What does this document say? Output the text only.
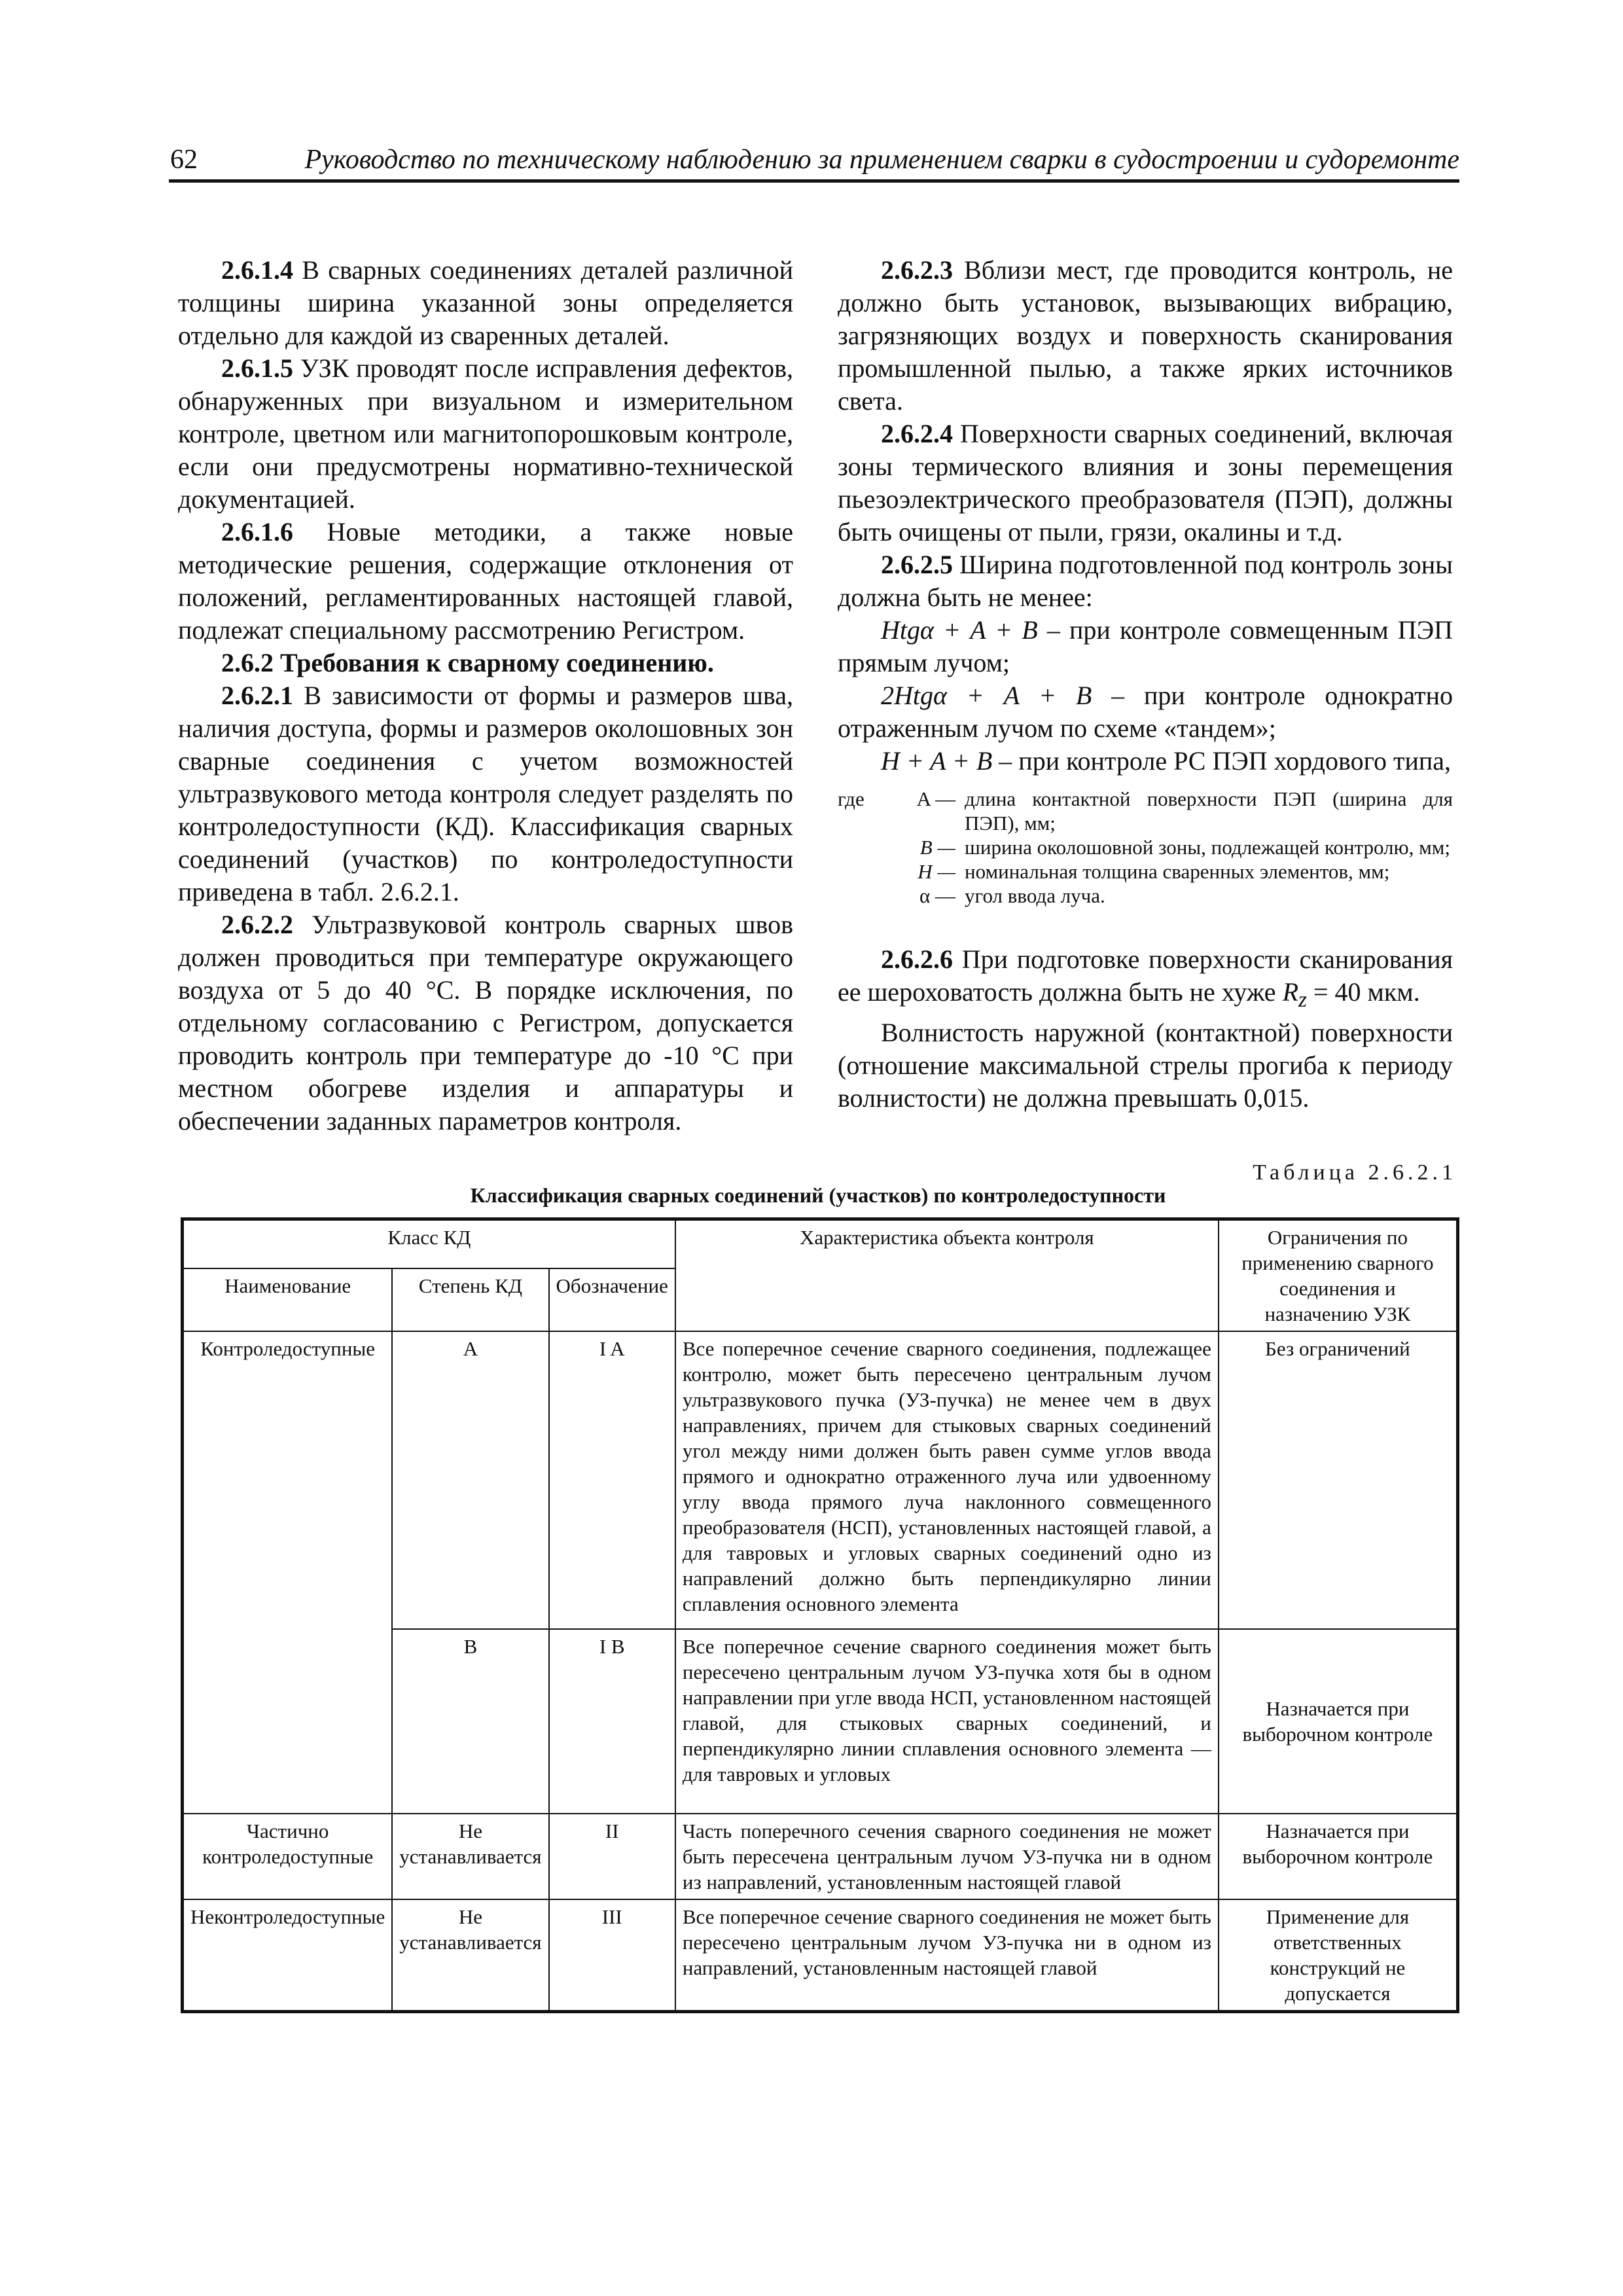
62	Руководство по техническому наблюдению за применением сварки в судостроении и судоремонте

2.6.1.4 В сварных соединениях деталей различной толщины ширина указанной зоны определяется отдельно для каждой из сваренных деталей.

2.6.1.5 УЗК проводят после исправления дефектов, обнаруженных при визуальном и измерительном контроле, цветном или магнитопорошковым контроле, если они предусмотрены нормативно-технической документацией.

2.6.1.6 Новые методики, а также новые методические решения, содержащие отклонения от положений, регламентированных настоящей главой, подлежат специальному рассмотрению Регистром.

2.6.2 Требования к сварному соединению.

2.6.2.1 В зависимости от формы и размеров шва, наличия доступа, формы и размеров околошовных зон сварные соединения с учетом возможностей ультразвукового метода контроля следует разделять по контроледоступности (КД). Классификация сварных соединений (участков) по контроледоступности приведена в табл. 2.6.2.1.

2.6.2.2 Ультразвуковой контроль сварных швов должен проводиться при температуре окружающего воздуха от 5 до 40 °С. В порядке исключения, по отдельному согласованию с Регистром, допускается проводить контроль при температуре до -10 °С при местном обогреве изделия и аппаратуры и обеспечении заданных параметров контроля.

2.6.2.3 Вблизи мест, где проводится контроль, не должно быть установок, вызывающих вибрацию, загрязняющих воздух и поверхность сканирования промышленной пылью, а также ярких источников света.

2.6.2.4 Поверхности сварных соединений, включая зоны термического влияния и зоны перемещения пьезоэлектрического преобразователя (ПЭП), должны быть очищены от пыли, грязи, окалины и т.д.

2.6.2.5 Ширина подготовленной под контроль зоны должна быть не менее:

Htgα + A + B – при контроле совмещенным ПЭП прямым лучом;

2Htgα + A + B – при контроле однократно отраженным лучом по схеме «тандем»;

H + A + B – при контроле РС ПЭП хордового типа,

где	A — длина контактной поверхности ПЭП (ширина для ПЭП), мм;
B — ширина околошовной зоны, подлежащей контролю, мм;
H — номинальная толщина сваренных элементов, мм;
α — угол ввода луча.

2.6.2.6 При подготовке поверхности сканирования ее шероховатость должна быть не хуже $R_z = 40$ мкм.

Волнистость наружной (контактной) поверхности (отношение максимальной стрелы прогиба к периоду волнистости) не должна превышать 0,015.

Таблица 2.6.2.1
Классификация сварных соединений (участков) по контроледоступности
Класс КД			Характеристика объекта контроля	Ограничения по применению сварного соединения и назначению УЗК
Наименование	Степень КД	Обозначение		
Контроледоступные	A	I A	Все поперечное сечение сварного соединения, подлежащее контролю, может быть пересечено центральным лучом ультразвукового пучка (УЗ-пучка) не менее чем в двух направлениях, причем для стыковых сварных соединений угол между ними должен быть равен сумме углов ввода прямого и однократно отраженного луча или удвоенному углу ввода прямого луча наклонного совмещенного преобразователя (НСП), установленных настоящей главой, а для тавровых и угловых сварных соединений одно из направлений должно быть перпендикулярно линии сплавления основного элемента	Без ограничений
	B	I B	Все поперечное сечение сварного соединения может быть пересечено центральным лучом УЗ-пучка хотя бы в одном направлении при угле ввода НСП, установленном настоящей главой, для стыковых сварных соединений, и перпендикулярно линии сплавления основного элемента — для тавровых и угловых	Назначается при выборочном контроле
Частично контроледоступные	Не устанавливается	II	Часть поперечного сечения сварного соединения не может быть пересечена центральным лучом УЗ-пучка ни в одном из направлений, установленным настоящей главой	Назначается при выборочном контроле
Неконтроледоступные	Не устанавливается	III	Все поперечное сечение сварного соединения не может быть пересечено центральным лучом УЗ-пучка ни в одном из направлений, установленным настоящей главой	Применение для ответственных конструкций не допускается
